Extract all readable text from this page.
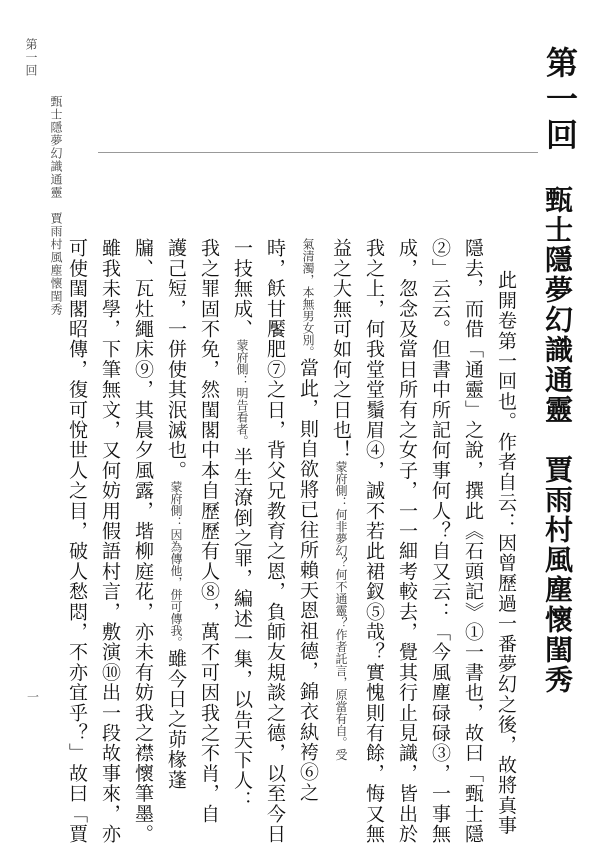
第一回
甄士隱夢幻識通靈　賈雨村風塵懷閨秀
一
第一回
甄士隱夢幻識通靈　賈雨村風塵懷閨秀
此開卷第一回也。作者自云：因曾歷過一番夢幻之後，故將真事
隱去，而借「通靈」之說，撰此《石頭記》①一書也，故曰「甄士隱
②」云云。但書中所記何事何人？自又云：「今風塵碌碌③，一事無
成，忽念及當日所有之女子，一一細考較去，覺其行止見識，皆出於
我之上，何我堂堂鬚眉④，誠不若此裙釵⑤哉？實愧則有餘，悔又無
益之大無可如何之日也！蒙府側：何非夢幻？何不通靈？作者託言，原當有自。受
氣清濁，本無男女別。當此，則自欲將已往所賴天恩祖德，錦衣紈袴⑥之
時，飫甘饜肥⑦之日，背父兄教育之恩，負師友規談之德，以至今日
一技無成、蒙府側：明告看者。半生潦倒之罪，編述一集，以告天下人：
我之罪固不免，然閨閣中本自歷歷有人⑧，萬不可因我之不肖，自
護己短，一併使其泯滅也。蒙府側：因為傳他，併可傳我。雖今日之茆椽蓬
牖、瓦灶繩床⑨，其晨夕風露，堦柳庭花，亦未有妨我之襟懷筆墨。
雖我未學，下筆無文，又何妨用假語村言，敷演⑩出一段故事來，亦
可使閨閣昭傳，復可悅世人之目，破人愁悶，不亦宜乎？」故曰「賈
